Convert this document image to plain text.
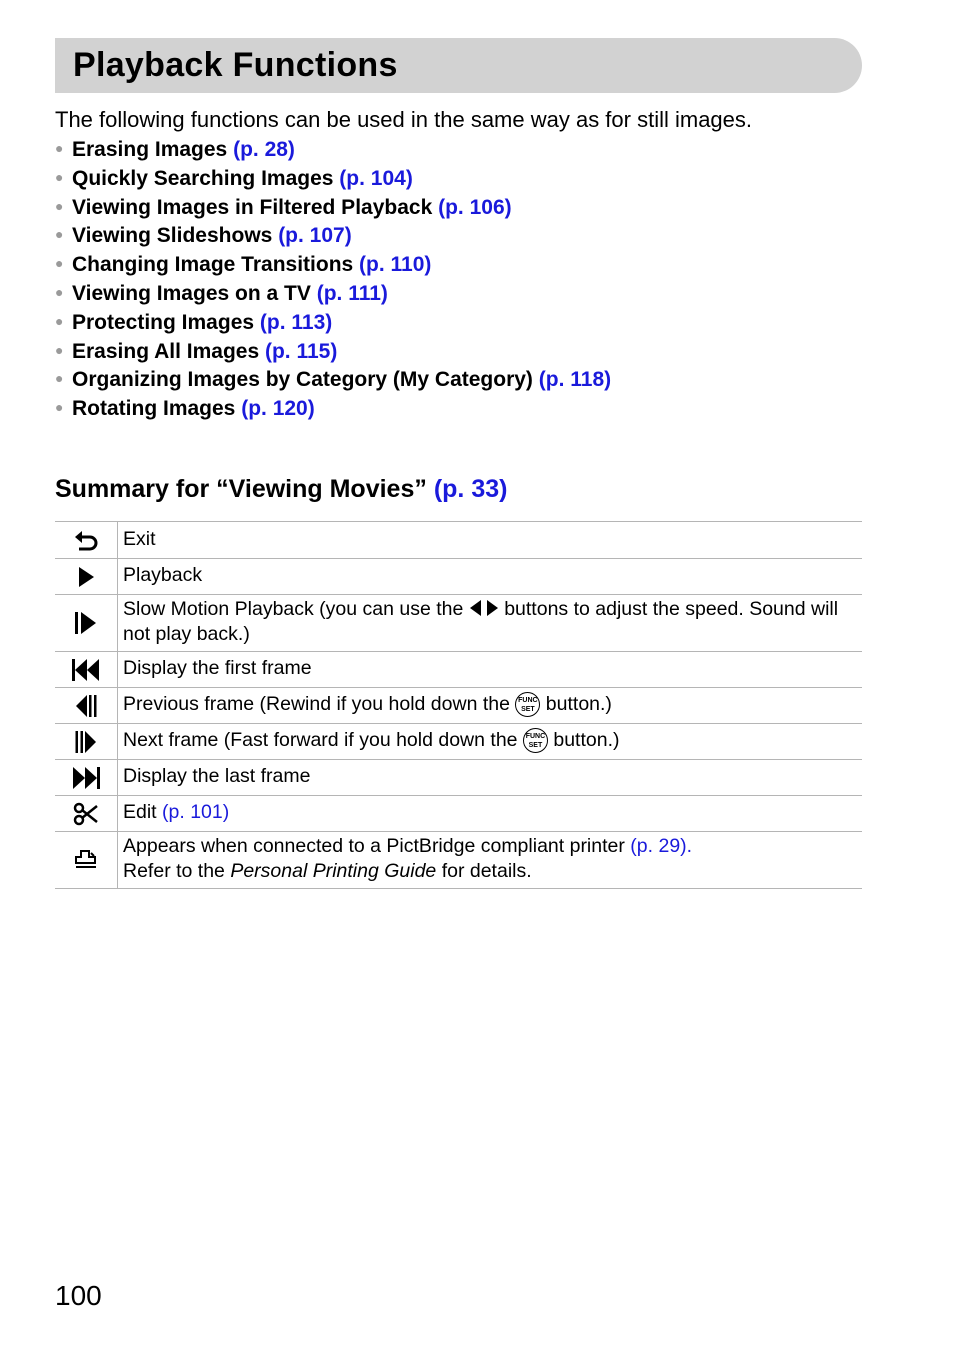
Playback Functions
The following functions can be used in the same way as for still images.
● Erasing Images (p. 28)
● Quickly Searching Images (p. 104)
● Viewing Images in Filtered Playback (p. 106)
● Viewing Slideshows (p. 107)
● Changing Image Transitions (p. 110)
● Viewing Images on a TV (p. 111)
● Protecting Images (p. 113)
● Erasing All Images (p. 115)
● Organizing Images by Category (My Category) (p. 118)
● Rotating Images (p. 120)
Summary for “Viewing Movies” (p. 33)
	Exit

	Playback

	Slow Motion Playback (you can use the buttons to adjust the speed. Sound will not play back.)

	Display the first frame

	Previous frame (Rewind if you hold down the FUNC
SET button.)

	Next frame (Fast forward if you hold down the FUNC
SET button.)

	Display the last frame

	Edit (p. 101)

	Appears when connected to a PictBridge compliant printer (p. 29).
Refer to the Personal Printing Guide for details.
100
